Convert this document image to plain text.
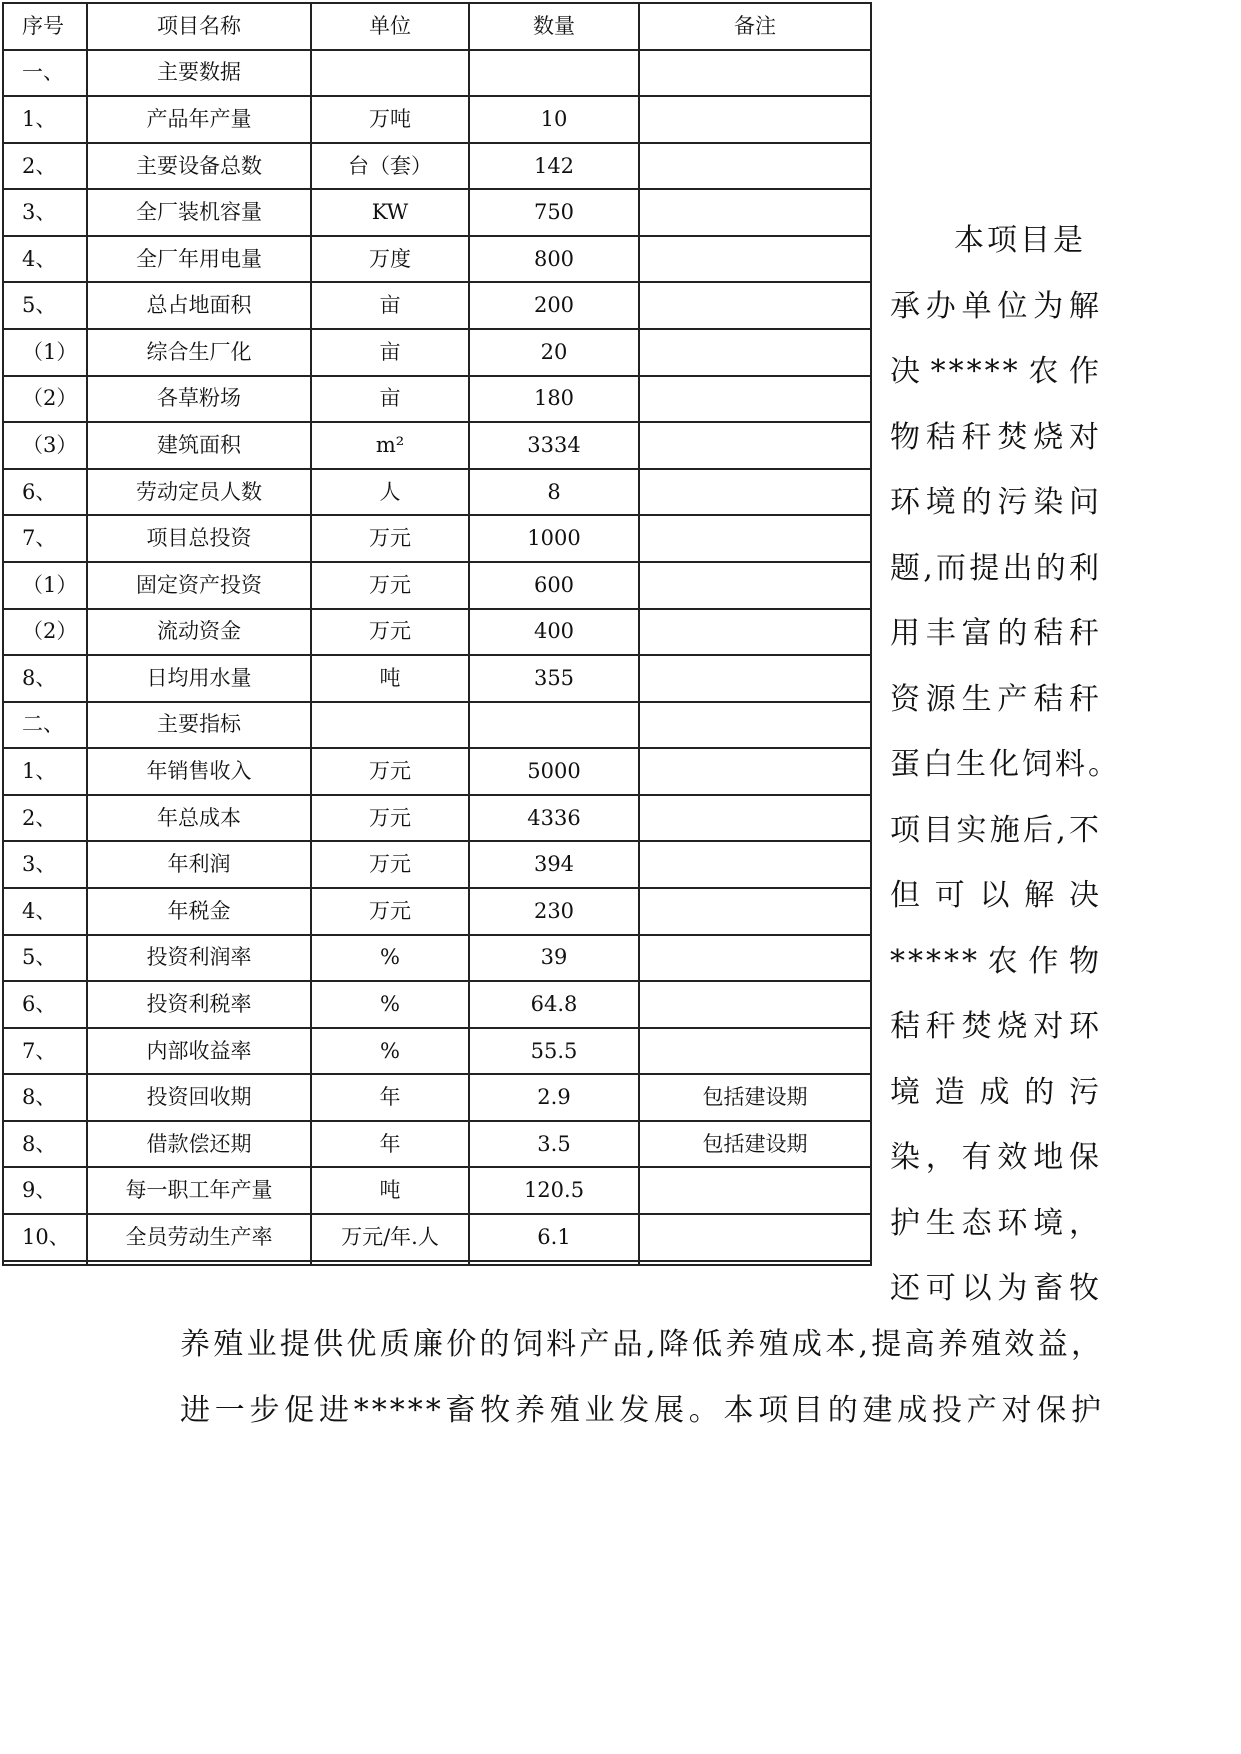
序号	项目名称	单位	数量	备注
一、	主要数据			
1、	产品年产量	万吨	10	
2、	主要设备总数	台（套）	142	
3、	全厂装机容量	KW	750	
4、	全厂年用电量	万度	800	
5、	总占地面积	亩	200	
（1）	综合生厂化	亩	20	
（2）	各草粉场	亩	180	
（3）	建筑面积	m²	3334	
6、	劳动定员人数	人	8	
7、	项目总投资	万元	1000	
（1）	固定资产投资	万元	600	
（2）	流动资金	万元	400	
8、	日均用水量	吨	355	
二、	主要指标			
1、	年销售收入	万元	5000	
2、	年总成本	万元	4336	
3、	年利润	万元	394	
4、	年税金	万元	230	
5、	投资利润率	%	39	
6、	投资利税率	%	64.8	
7、	内部收益率	%	55.5	
8、	投资回收期	年	2.9	包括建设期
8、	借款偿还期	年	3.5	包括建设期
9、	每一职工年产量	吨	120.5	
10、	全员劳动生产率	万元/年.人	6.1	

本项目是
承办单位为解
决*****农作
物秸秆焚烧对
环境的污染问
题,而提出的利
用丰富的秸秆
资源生产秸秆
蛋白生化饲料。
项目实施后,不
但可以解决
*****农作物
秸秆焚烧对环
境造成的污
染，有效地保
护生态环境，
还可以为畜牧
养殖业提供优质廉价的饲料产品,降低养殖成本,提高养殖效益，
进一步促进*****畜牧养殖业发展。本项目的建成投产对保护
